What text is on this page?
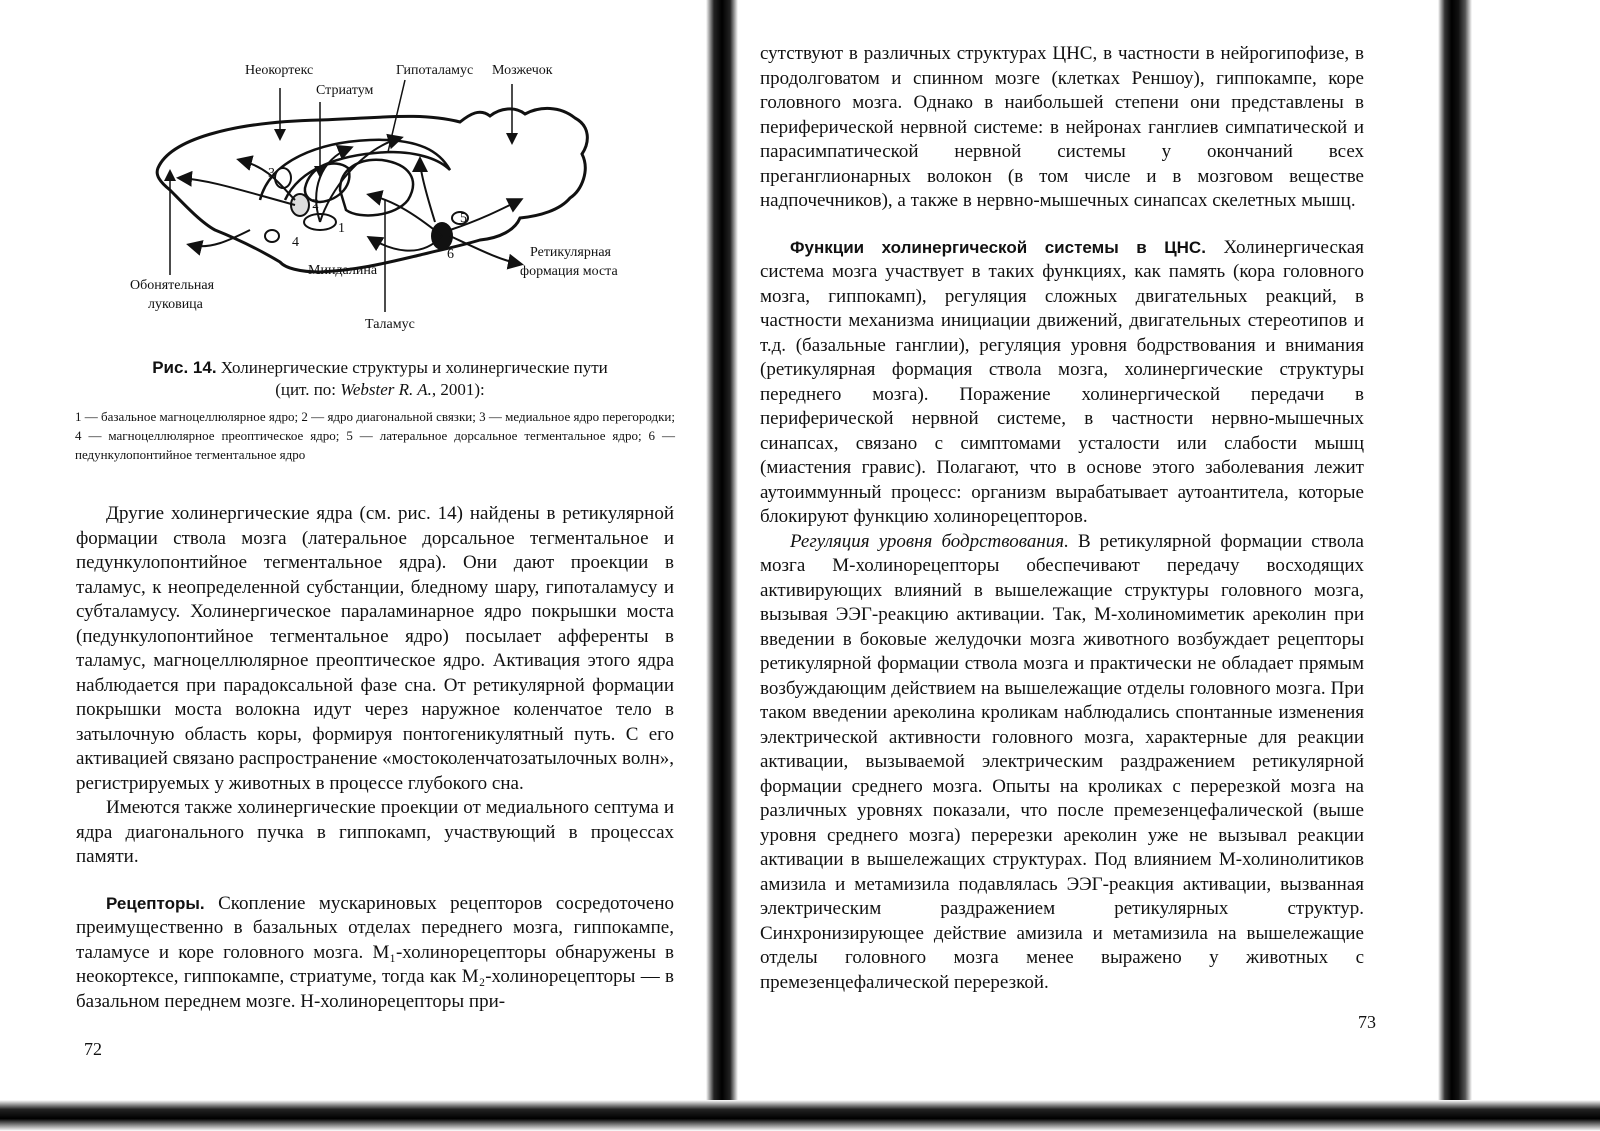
Неокортекс
Стриатум
Гипоталамус Мозжечок
Ретикулярная
формация моста
Миндалина
Обонятельная
луковица
Таламус
3
2
1
4
5
6
Рис. 14. Холинергические структуры и холинергические пути
(цит. по: Webster R. A., 2001):
1 — базальное магноцеллюлярное ядро; 2 — ядро диагональной связки; 3 — медиальное ядро перегородки; 4 — магноцеллюлярное преоптическое ядро; 5 — латеральное дорсальное тегментальное ядро; 6 — педункулопонтийное тегментальное ядро

Другие холинергические ядра (см. рис. 14) найдены в ретикулярной формации ствола мозга (латеральное дорсальное тегментальное и педункулопонтийное тегментальное ядра). Они дают проекции в таламус, к неопределенной субстанции, бледному шару, гипоталамусу и субталамусу. Холинергическое параламинарное ядро покрышки моста (педункулопонтийное тегментальное ядро) посылает афференты в таламус, магноцеллюлярное преоптическое ядро. Активация этого ядра наблюдается при парадоксальной фазе сна. От ретикулярной формации покрышки моста волокна идут через наружное коленчатое тело в затылочную область коры, формируя понтогеникулятный путь. С его активацией связано распространение «мостоколенчатозатылочных волн», регистрируемых у животных в процессе глубокого сна.

Имеются также холинергические проекции от медиального септума и ядра диагонального пучка в гиппокамп, участвующий в процессах памяти.

Рецепторы. Скопление мускариновых рецепторов сосредоточено преимущественно в базальных отделах переднего мозга, гиппокампе, таламусе и коре головного мозга. M₁-холинорецепторы обнаружены в неокортексе, гиппокампе, стриатуме, тогда как M₂-холинорецепторы — в базальном переднем мозге. Н-холинорецепторы при-

72

сутствуют в различных структурах ЦНС, в частности в нейрогипофизе, в продолговатом и спинном мозге (клетках Реншоу), гиппокампе, коре головного мозга. Однако в наибольшей степени они представлены в периферической нервной системе: в нейронах ганглиев симпатической и парасимпатической нервной системы у окончаний всех преганглионарных волокон (в том числе и в мозговом веществе надпочечников), а также в нервно-мышечных синапсах скелетных мышц.

Функции холинергической системы в ЦНС. Холинергическая система мозга участвует в таких функциях, как память (кора головного мозга, гиппокамп), регуляция сложных двигательных реакций, в частности механизма инициации движений, двигательных стереотипов и т.д. (базальные ганглии), регуляция уровня бодрствования и внимания (ретикулярная формация ствола мозга, холинергические структуры переднего мозга). Поражение холинергической передачи в периферической нервной системе, в частности нервно-мышечных синапсах, связано с симптомами усталости или слабости мышц (миастения гравис). Полагают, что в основе этого заболевания лежит аутоиммунный процесс: организм вырабатывает аутоантитела, которые блокируют функцию холинорецепторов.

Регуляция уровня бодрствования. В ретикулярной формации ствола мозга M-холинорецепторы обеспечивают передачу восходящих активирующих влияний в вышележащие структуры головного мозга, вызывая ЭЭГ-реакцию активации. Так, M-холиномиметик ареколин при введении в боковые желудочки мозга животного возбуждает рецепторы ретикулярной формации ствола мозга и практически не обладает прямым возбуждающим действием на вышележащие отделы головного мозга. При таком введении ареколина кроликам наблюдались спонтанные изменения электрической активности головного мозга, характерные для реакции активации, вызываемой электрическим раздражением ретикулярной формации среднего мозга. Опыты на кроликах с перерезкой мозга на различных уровнях показали, что после премезенцефалической (выше уровня среднего мозга) перерезки ареколин уже не вызывал реакции активации в вышележащих структурах. Под влиянием M-холинолитиков амизила и метамизила подавлялась ЭЭГ-реакция активации, вызванная электрическим раздражением ретикулярных структур. Синхронизирующее действие амизила и метамизила на вышележащие отделы головного мозга менее выражено у животных с премезенцефалической перерезкой.

73
